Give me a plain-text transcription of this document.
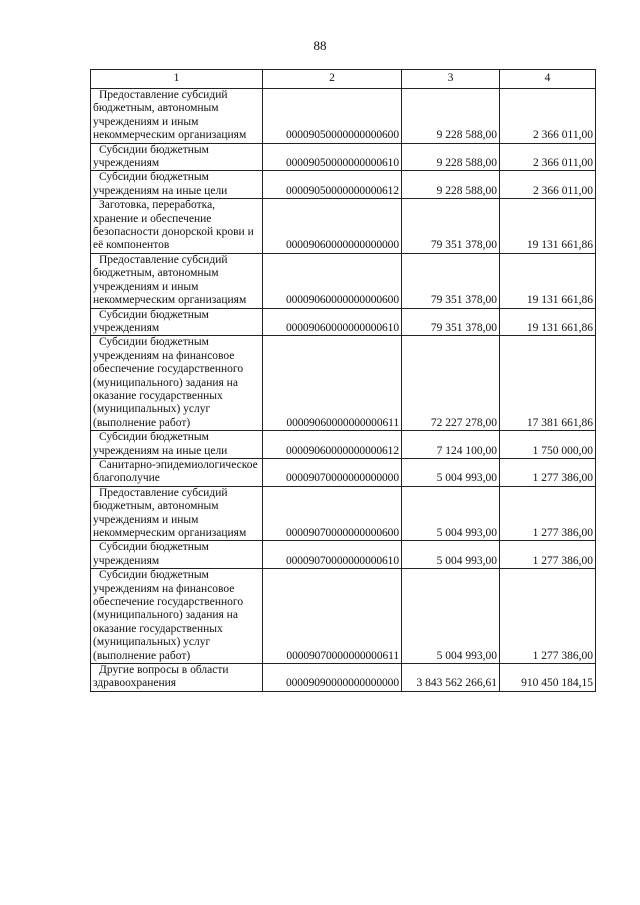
88
1	2	3	4

Предоставление субсидий бюджетным, автономным учреждениям и иным некоммерческим организациям	00009050000000000600	9 228 588,00	2 366 011,00

Субсидии бюджетным учреждениям	00009050000000000610	9 228 588,00	2 366 011,00

Субсидии бюджетным учреждениям на иные цели	00009050000000000612	9 228 588,00	2 366 011,00

Заготовка, переработка, хранение и обеспечение безопасности донорской крови и её компонентов	00009060000000000000	79 351 378,00	19 131 661,86

Предоставление субсидий бюджетным, автономным учреждениям и иным некоммерческим организациям	00009060000000000600	79 351 378,00	19 131 661,86

Субсидии бюджетным учреждениям	00009060000000000610	79 351 378,00	19 131 661,86

Субсидии бюджетным учреждениям на финансовое обеспечение государственного (муниципального) задания на оказание государственных (муниципальных) услуг (выполнение работ)	00009060000000000611	72 227 278,00	17 381 661,86

Субсидии бюджетным учреждениям на иные цели	00009060000000000612	7 124 100,00	1 750 000,00

Санитарно-эпидемиологическое благополучие	00009070000000000000	5 004 993,00	1 277 386,00

Предоставление субсидий бюджетным, автономным учреждениям и иным некоммерческим организациям	00009070000000000600	5 004 993,00	1 277 386,00

Субсидии бюджетным учреждениям	00009070000000000610	5 004 993,00	1 277 386,00

Субсидии бюджетным учреждениям на финансовое обеспечение государственного (муниципального) задания на оказание государственных (муниципальных) услуг (выполнение работ)	00009070000000000611	5 004 993,00	1 277 386,00

Другие вопросы в области здравоохранения	00009090000000000000	3 843 562 266,61	910 450 184,15
